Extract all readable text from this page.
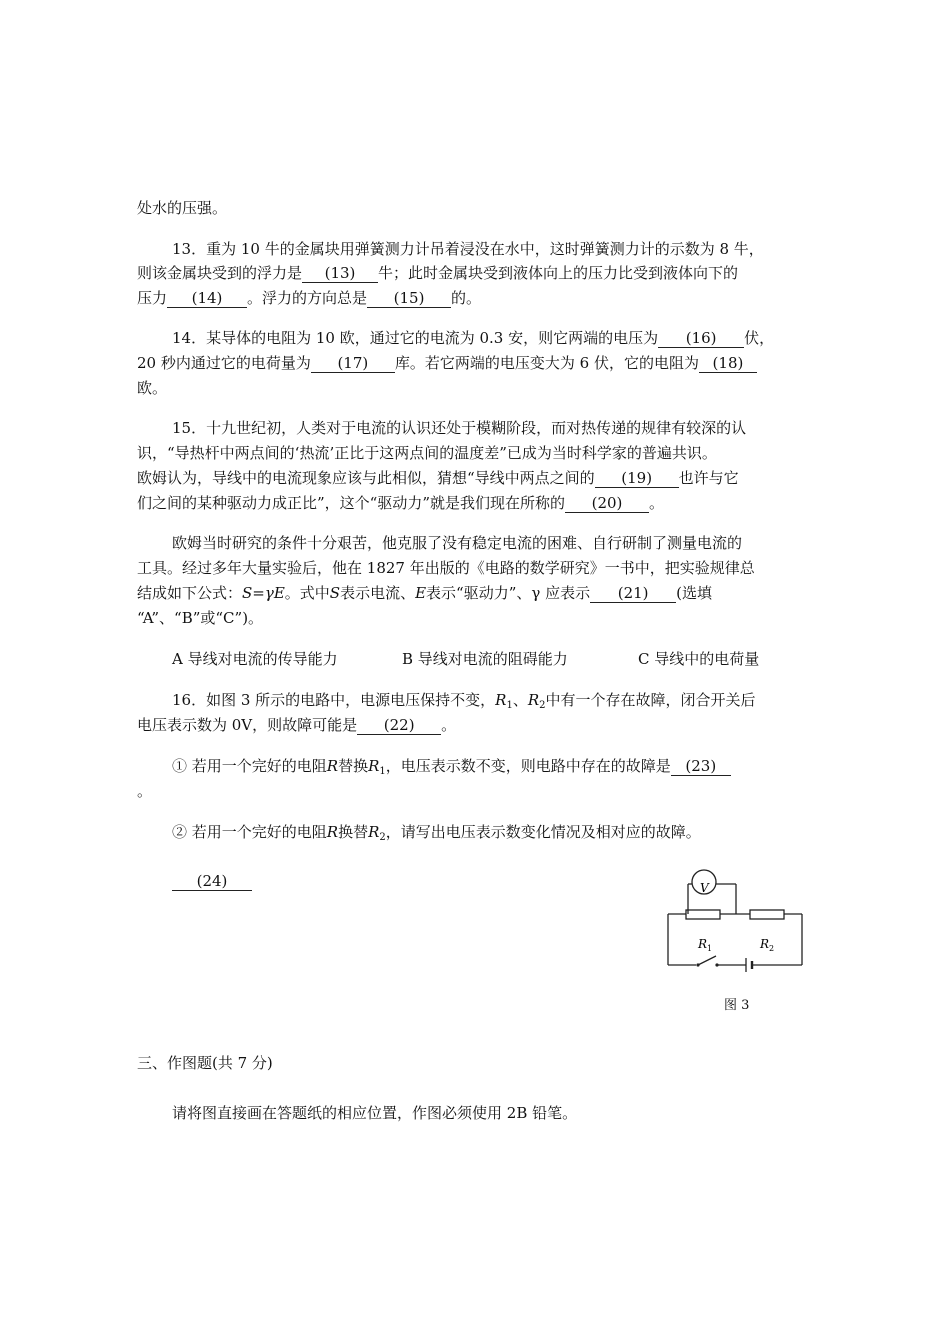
处水的压强。
13．重为 10 牛的金属块用弹簧测力计吊着浸没在水中，这时弹簧测力计的示数为 8 牛，
则该金属块受到的浮力是 (13) 牛；此时金属块受到液体向上的压力比受到液体向下的
压力 (14) 。浮力的方向总是 (15) 的。
14．某导体的电阻为 10 欧，通过它的电流为 0.3 安，则它两端的电压为 (16) 伏，
20 秒内通过它的电荷量为 (17) 库。若它两端的电压变大为 6 伏，它的电阻为 (18)
欧。
15．十九世纪初，人类对于电流的认识还处于模糊阶段，而对热传递的规律有较深的认
识，“导热杆中两点间的‘热流’正比于这两点间的温度差”已成为当时科学家的普遍共识。
欧姆认为，导线中的电流现象应该与此相似，猜想“导线中两点之间的 (19) 也许与它
们之间的某种驱动力成正比”，这个“驱动力”就是我们现在所称的 (20) 。
欧姆当时研究的条件十分艰苦，他克服了没有稳定电流的困难、自行研制了测量电流的
工具。经过多年大量实验后，他在 1827 年出版的《电路的数学研究》一书中，把实验规律总
结成如下公式：S=γE。式中S表示电流、E表示“驱动力”、γ 应表示 (21) (选填
“A”、“B”或“C”)。
A 导线对电流的传导能力	B 导线对电流的阻碍能力	C 导线中的电荷量
16．如图 3 所示的电路中，电源电压保持不变，$R_1$、$R_2$中有一个存在故障，闭合开关后
电压表示数为 0V，则故障可能是 (22) 。
① 若用一个完好的电阻R替换$R_1$，电压表示数不变，则电路中存在的故障是 (23)
。
② 若用一个完好的电阻R换替$R_2$，请写出电压表示数变化情况及相对应的故障。
(24)	V
$R_1$	$R_2$
图 3
三、作图题(共 7 分)
请将图直接画在答题纸的相应位置，作图必须使用 2B 铅笔。
